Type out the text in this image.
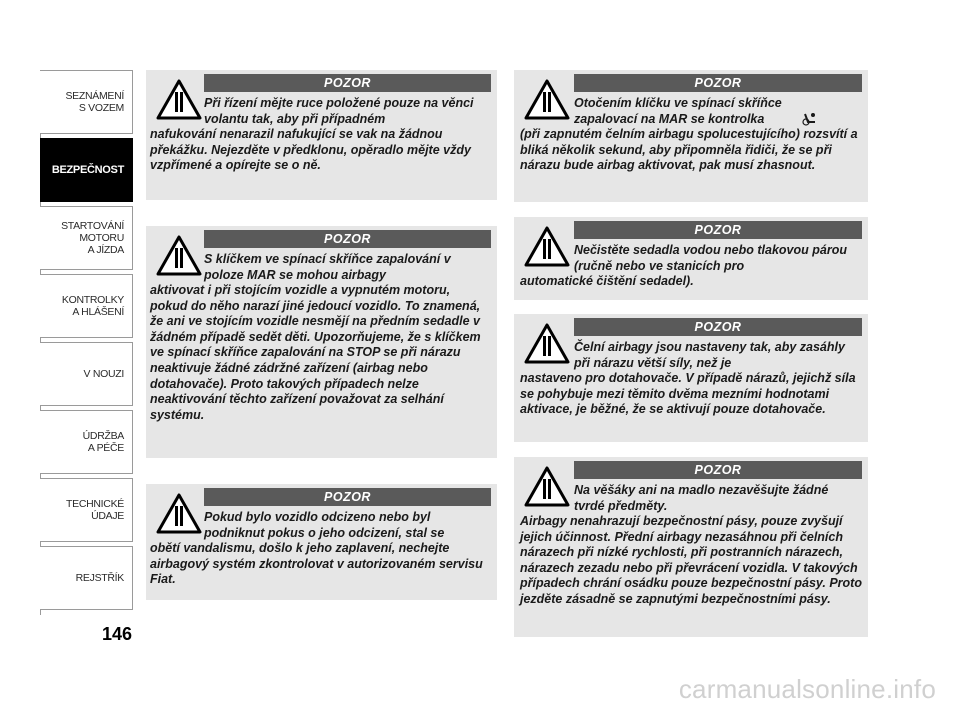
SEZNÁMENÍ
S VOZEM
BEZPEČNOST
STARTOVÁNÍ
MOTORU
A JÍZDA
KONTROLKY
A HLÁŠENÍ
V NOUZI
ÚDRŽBA
A PÉČE
TECHNICKÉ
ÚDAJE
REJSTŘÍK
146
POZOR
Při řízení mějte ruce položené pouze na věnci volantu tak, aby při případném
nafukování nenarazil nafukující se vak na žádnou překážku. Nejezděte v předklonu, opěradlo mějte vždy vzpřímené a opírejte se o ně.
POZOR
S klíčkem ve spínací skříňce zapalování v poloze MAR se mohou airbagy
aktivovat i při stojícím vozidle a vypnutém motoru, pokud do něho narazí jiné jedoucí vozidlo. To znamená, že ani ve stojícím vozidle nesmějí na předním sedadle v žádném případě sedět děti. Upozorňujeme, že s klíčkem ve spínací skříňce zapalování na STOP se při nárazu neaktivuje žádné zádržné zařízení (airbag nebo dotahovače). Proto takových případech nelze neaktivování těchto zařízení považovat za selhání systému.
POZOR
Pokud bylo vozidlo odcizeno nebo byl podniknut pokus o jeho odcizení, stal se
obětí vandalismu, došlo k jeho zaplavení, nechejte airbagový systém zkontrolovat v autorizovaném servisu Fiat.
POZOR
Otočením klíčku ve spínací skříňce zapalovací na MAR se kontrolka
(při zapnutém čelním airbagu spolucestujícího) rozsvítí a bliká několik sekund, aby připomněla řidiči, že se při nárazu bude airbag aktivovat, pak musí zhasnout.
POZOR
Nečistěte sedadla vodou nebo tlakovou párou (ručně nebo ve stanicích pro
automatické čištění sedadel).
POZOR
Čelní airbagy jsou nastaveny tak, aby zasáhly při nárazu větší síly, než je
nastaveno pro dotahovače. V případě nárazů, jejichž síla se pohybuje mezi těmito dvěma mezními hodnotami aktivace, je běžné, že se aktivují pouze dotahovače.
POZOR
Na věšáky ani na madlo nezavěšujte žádné tvrdé předměty.
Airbagy nenahrazují bezpečnostní pásy, pouze zvyšují jejich účinnost. Přední airbagy nezasáhnou při čelních nárazech při nízké rychlosti, při postranních nárazech, nárazech zezadu nebo při převrácení vozidla. V takových případech chrání osádku pouze bezpečnostní pásy. Proto jezděte zásadně se zapnutými bezpečnostními pásy.
carmanualsonline.info
